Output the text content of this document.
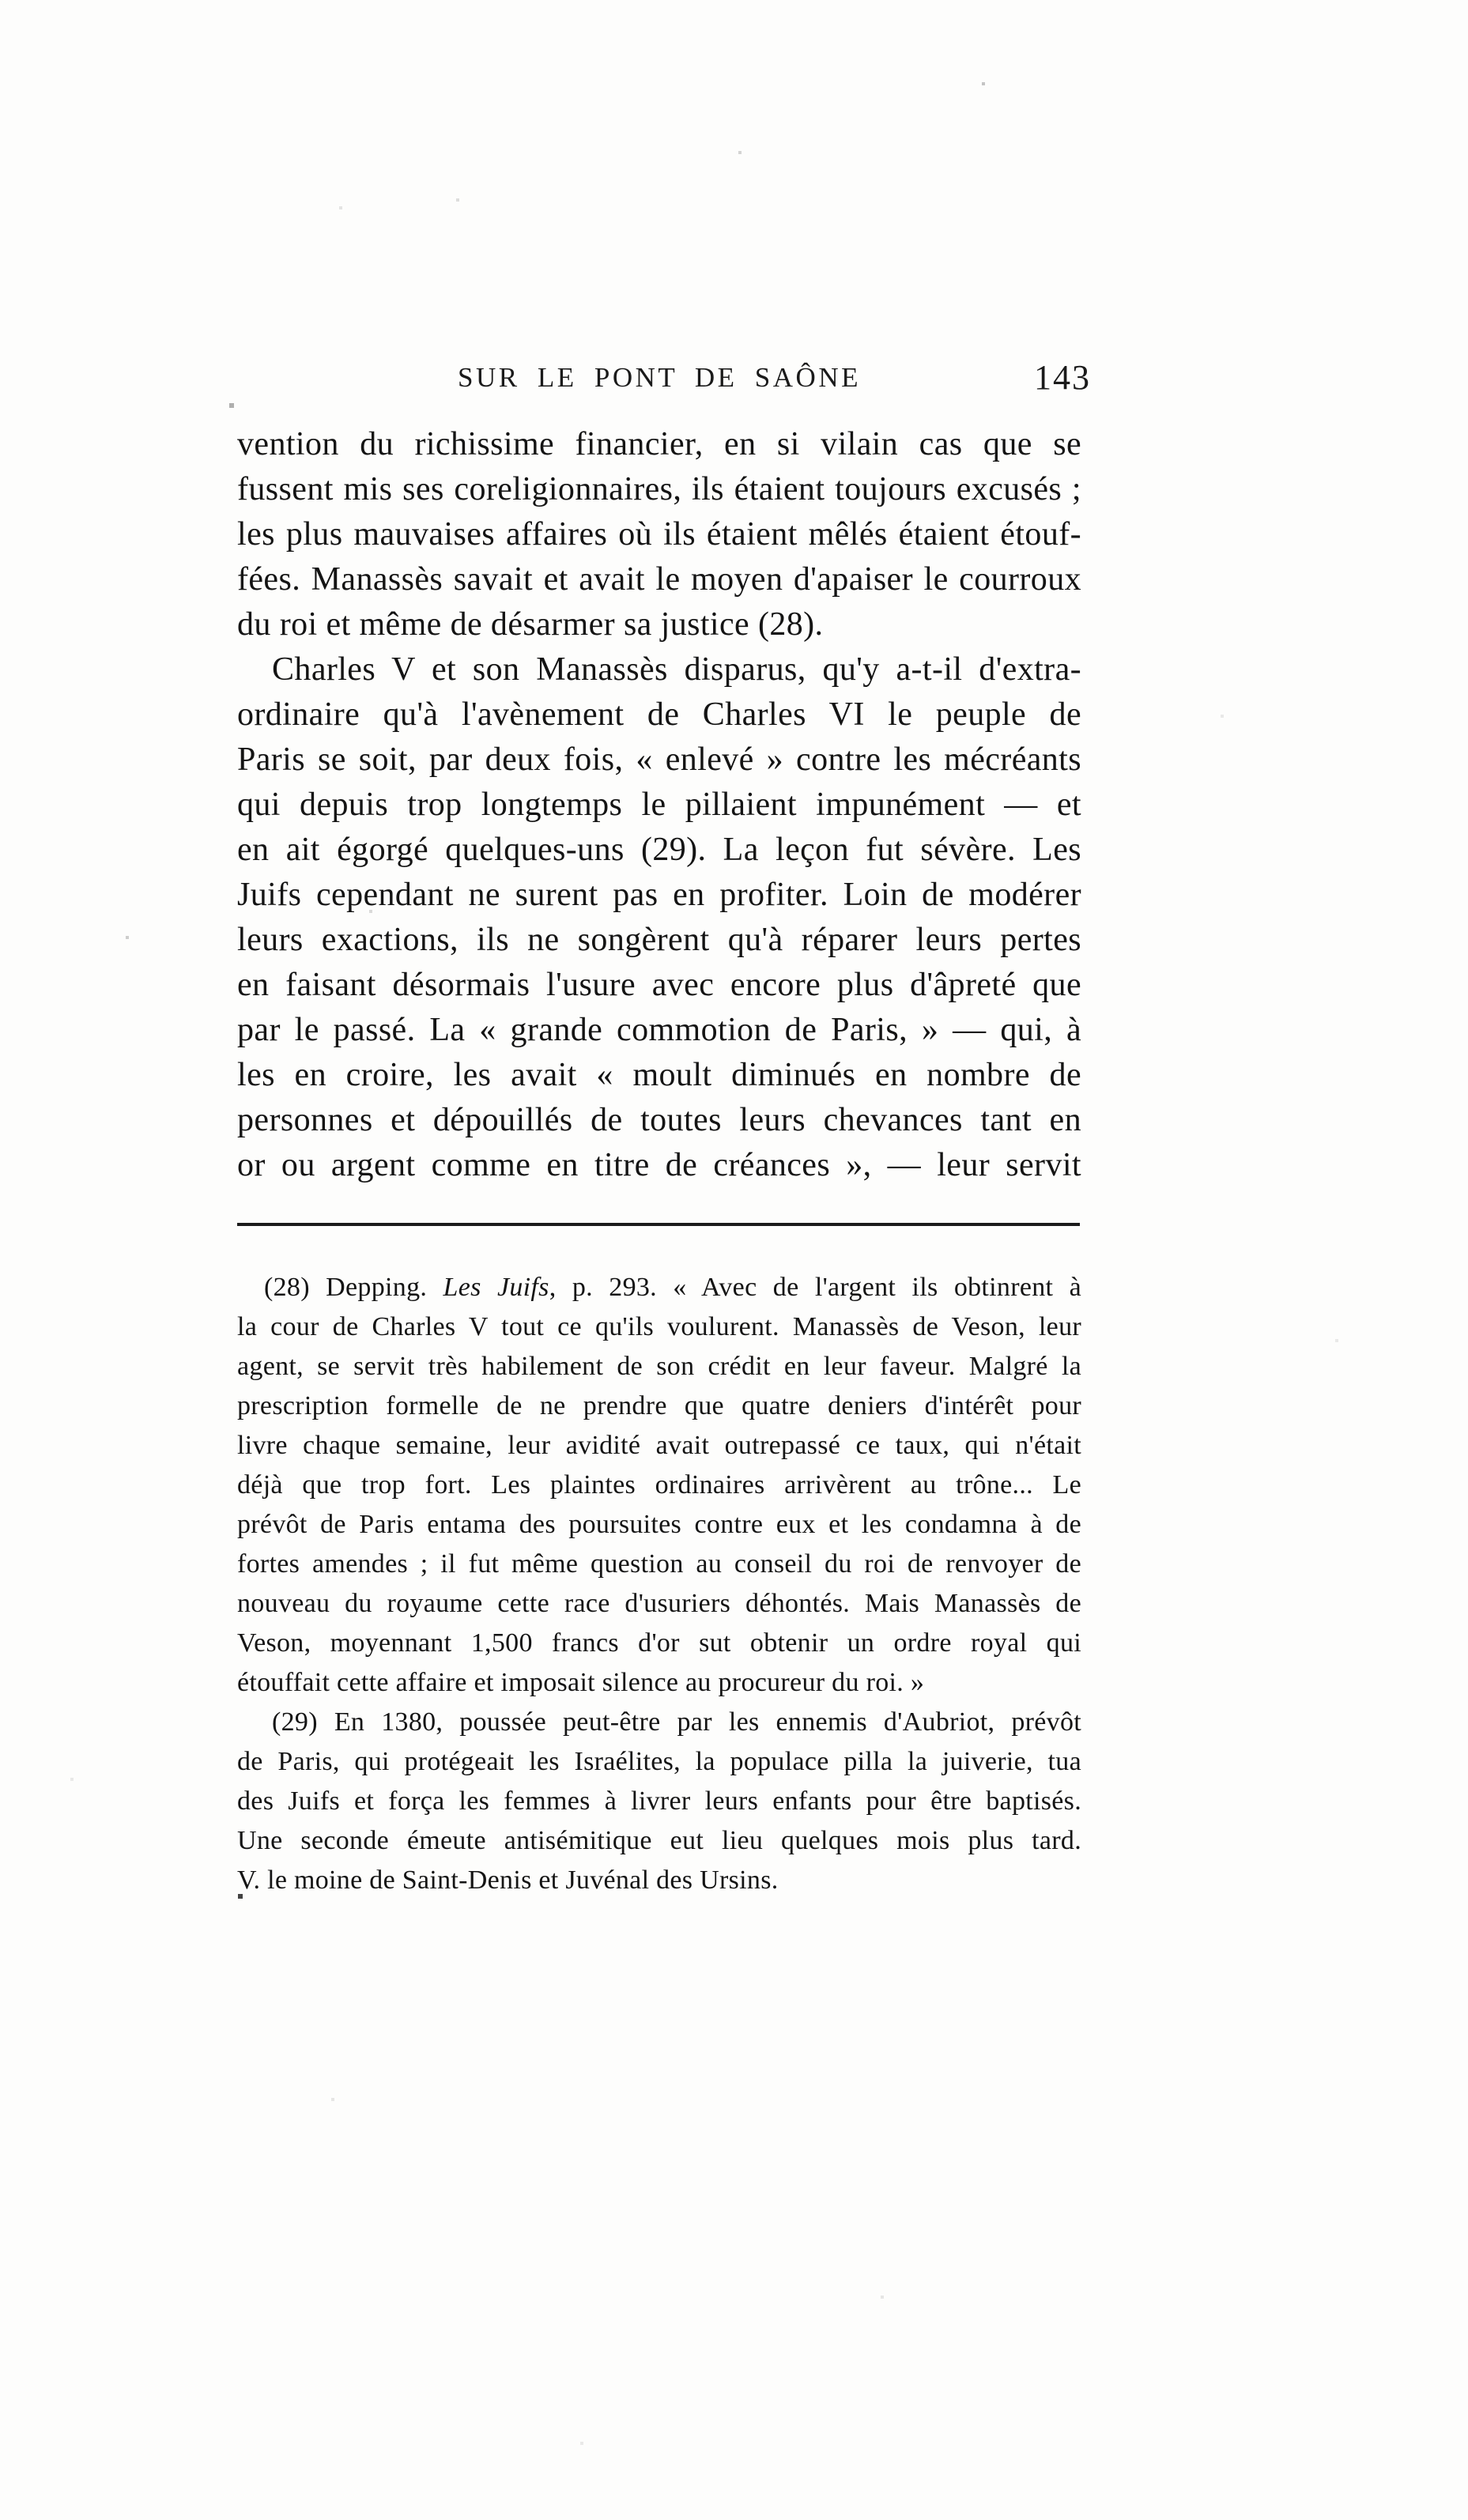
SUR LE PONT DE SAÔNE	143
vention du richissime financier, en si vilain cas que se
fussent mis ses coreligionnaires, ils étaient toujours excusés ;
les plus mauvaises affaires où ils étaient mêlés étaient étouf-
fées. Manassès savait et avait le moyen d'apaiser le courroux
du roi et même de désarmer sa justice (28).
Charles V et son Manassès disparus, qu'y a-t-il d'extra-
ordinaire qu'à l'avènement de Charles VI le peuple de
Paris se soit, par deux fois, « enlevé » contre les mécréants
qui depuis trop longtemps le pillaient impunément — et
en ait égorgé quelques-uns (29). La leçon fut sévère. Les
Juifs cependant ne surent pas en profiter. Loin de modérer
leurs exactions, ils ne songèrent qu'à réparer leurs pertes
en faisant désormais l'usure avec encore plus d'âpreté que
par le passé. La « grande commotion de Paris, » — qui, à
les en croire, les avait « moult diminués en nombre de
personnes et dépouillés de toutes leurs chevances tant en
or ou argent comme en titre de créances », — leur servit
(28) Depping. Les Juifs, p. 293. « Avec de l'argent ils obtinrent à
la cour de Charles V tout ce qu'ils voulurent. Manassès de Veson, leur
agent, se servit très habilement de son crédit en leur faveur. Malgré la
prescription formelle de ne prendre que quatre deniers d'intérêt pour
livre chaque semaine, leur avidité avait outrepassé ce taux, qui n'était
déjà que trop fort. Les plaintes ordinaires arrivèrent au trône... Le
prévôt de Paris entama des poursuites contre eux et les condamna à de
fortes amendes ; il fut même question au conseil du roi de renvoyer de
nouveau du royaume cette race d'usuriers déhontés. Mais Manassès de
Veson, moyennant 1,500 francs d'or sut obtenir un ordre royal qui
étouffait cette affaire et imposait silence au procureur du roi. »
(29) En 1380, poussée peut-être par les ennemis d'Aubriot, prévôt
de Paris, qui protégeait les Israélites, la populace pilla la juiverie, tua
des Juifs et força les femmes à livrer leurs enfants pour être baptisés.
Une seconde émeute antisémitique eut lieu quelques mois plus tard.
V. le moine de Saint-Denis et Juvénal des Ursins.
